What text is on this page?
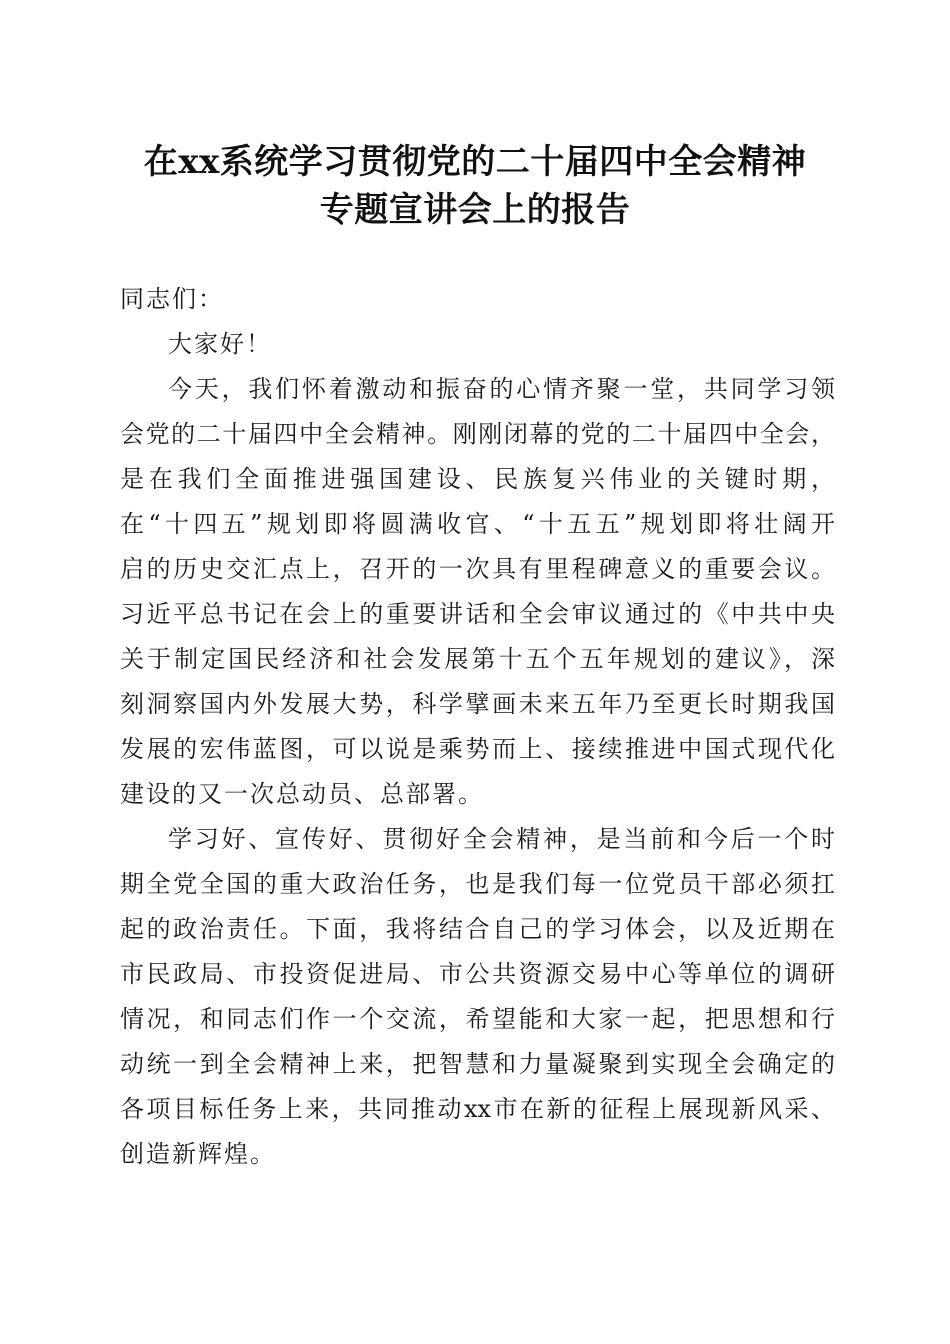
在xx系统学习贯彻党的二十届四中全会精神
专题宣讲会上的报告
同志们：
大家好！
今天，我们怀着激动和振奋的心情齐聚一堂，共同学习领
会党的二十届四中全会精神。刚刚闭幕的党的二十届四中全会，
是在我们全面推进强国建设、民族复兴伟业的关键时期，
在“十四五”规划即将圆满收官、“十五五”规划即将壮阔开
启的历史交汇点上，召开的一次具有里程碑意义的重要会议。
习近平总书记在会上的重要讲话和全会审议通过的《中共中央
关于制定国民经济和社会发展第十五个五年规划的建议》，深
刻洞察国内外发展大势，科学擘画未来五年乃至更长时期我国
发展的宏伟蓝图，可以说是乘势而上、接续推进中国式现代化
建设的又一次总动员、总部署。
学习好、宣传好、贯彻好全会精神，是当前和今后一个时
期全党全国的重大政治任务，也是我们每一位党员干部必须扛
起的政治责任。下面，我将结合自己的学习体会，以及近期在
市民政局、市投资促进局、市公共资源交易中心等单位的调研
情况，和同志们作一个交流，希望能和大家一起，把思想和行
动统一到全会精神上来，把智慧和力量凝聚到实现全会确定的
各项目标任务上来，共同推动xx市在新的征程上展现新风采、
创造新辉煌。
